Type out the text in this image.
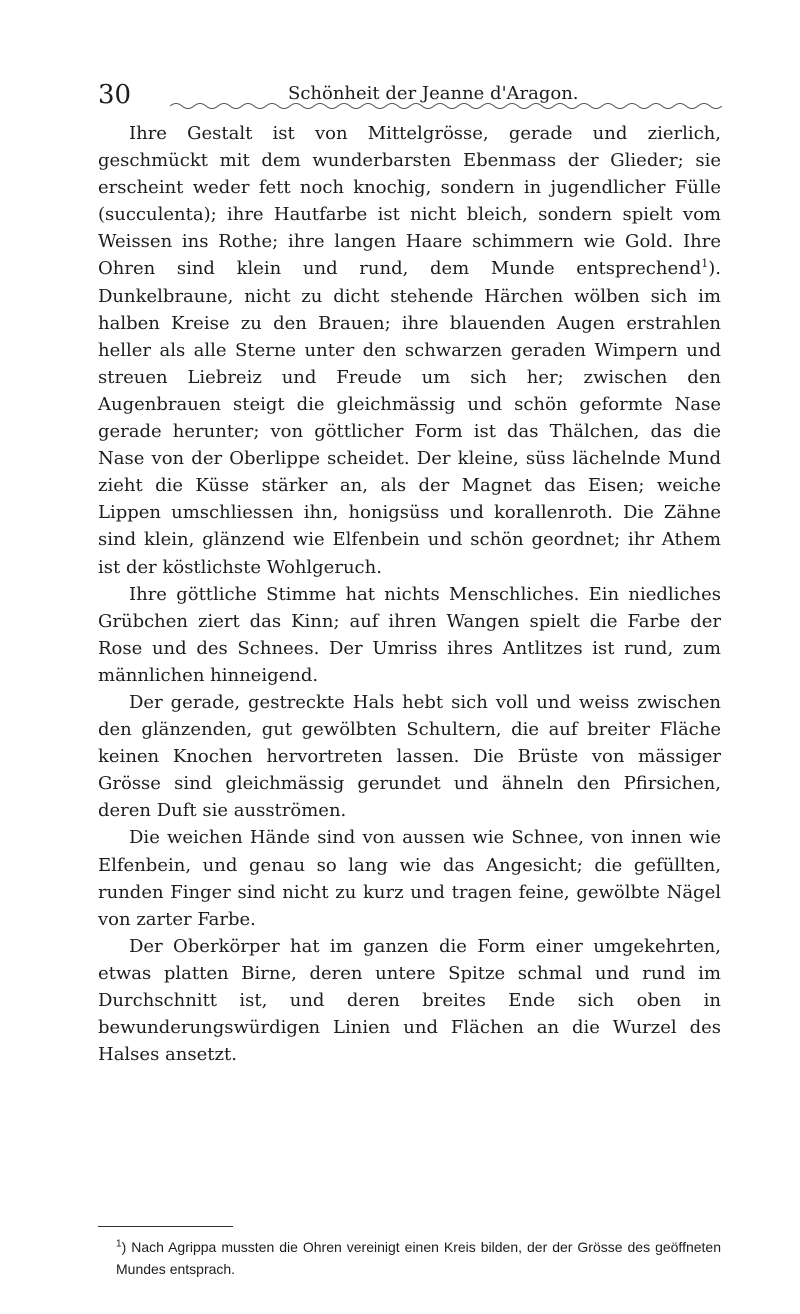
30	Schönheit der Jeanne d'Aragon.

Ihre Gestalt ist von Mittelgrösse, gerade und zierlich, geschmückt mit dem wunderbarsten Ebenmass der Glieder; sie erscheint weder fett noch knochig, sondern in jugendlicher Fülle (succulenta); ihre Hautfarbe ist nicht bleich, sondern spielt vom Weissen ins Rothe; ihre langen Haare schimmern wie Gold. Ihre Ohren sind klein und rund, dem Munde entsprechend$^1$). Dunkelbraune, nicht zu dicht stehende Härchen wölben sich im halben Kreise zu den Brauen; ihre blauenden Augen erstrahlen heller als alle Sterne unter den schwarzen geraden Wimpern und streuen Liebreiz und Freude um sich her; zwischen den Augenbrauen steigt die gleichmässig und schön geformte Nase gerade herunter; von göttlicher Form ist das Thälchen, das die Nase von der Oberlippe scheidet. Der kleine, süss lächelnde Mund zieht die Küsse stärker an, als der Magnet das Eisen; weiche Lippen umschliessen ihn, honigsüss und korallenroth. Die Zähne sind klein, glänzend wie Elfenbein und schön geordnet; ihr Athem ist der köstlichste Wohlgeruch.

Ihre göttliche Stimme hat nichts Menschliches. Ein niedliches Grübchen ziert das Kinn; auf ihren Wangen spielt die Farbe der Rose und des Schnees. Der Umriss ihres Antlitzes ist rund, zum männlichen hinneigend.

Der gerade, gestreckte Hals hebt sich voll und weiss zwischen den glänzenden, gut gewölbten Schultern, die auf breiter Fläche keinen Knochen hervortreten lassen. Die Brüste von mässiger Grösse sind gleichmässig gerundet und ähneln den Pfirsichen, deren Duft sie ausströmen.

Die weichen Hände sind von aussen wie Schnee, von innen wie Elfenbein, und genau so lang wie das Angesicht; die gefüllten, runden Finger sind nicht zu kurz und tragen feine, gewölbte Nägel von zarter Farbe.

Der Oberkörper hat im ganzen die Form einer umgekehrten, etwas platten Birne, deren untere Spitze schmal und rund im Durchschnitt ist, und deren breites Ende sich oben in bewunderungswürdigen Linien und Flächen an die Wurzel des Halses ansetzt.

$^1$) Nach Agrippa mussten die Ohren vereinigt einen Kreis bilden, der der Grösse des geöffneten Mundes entsprach.
